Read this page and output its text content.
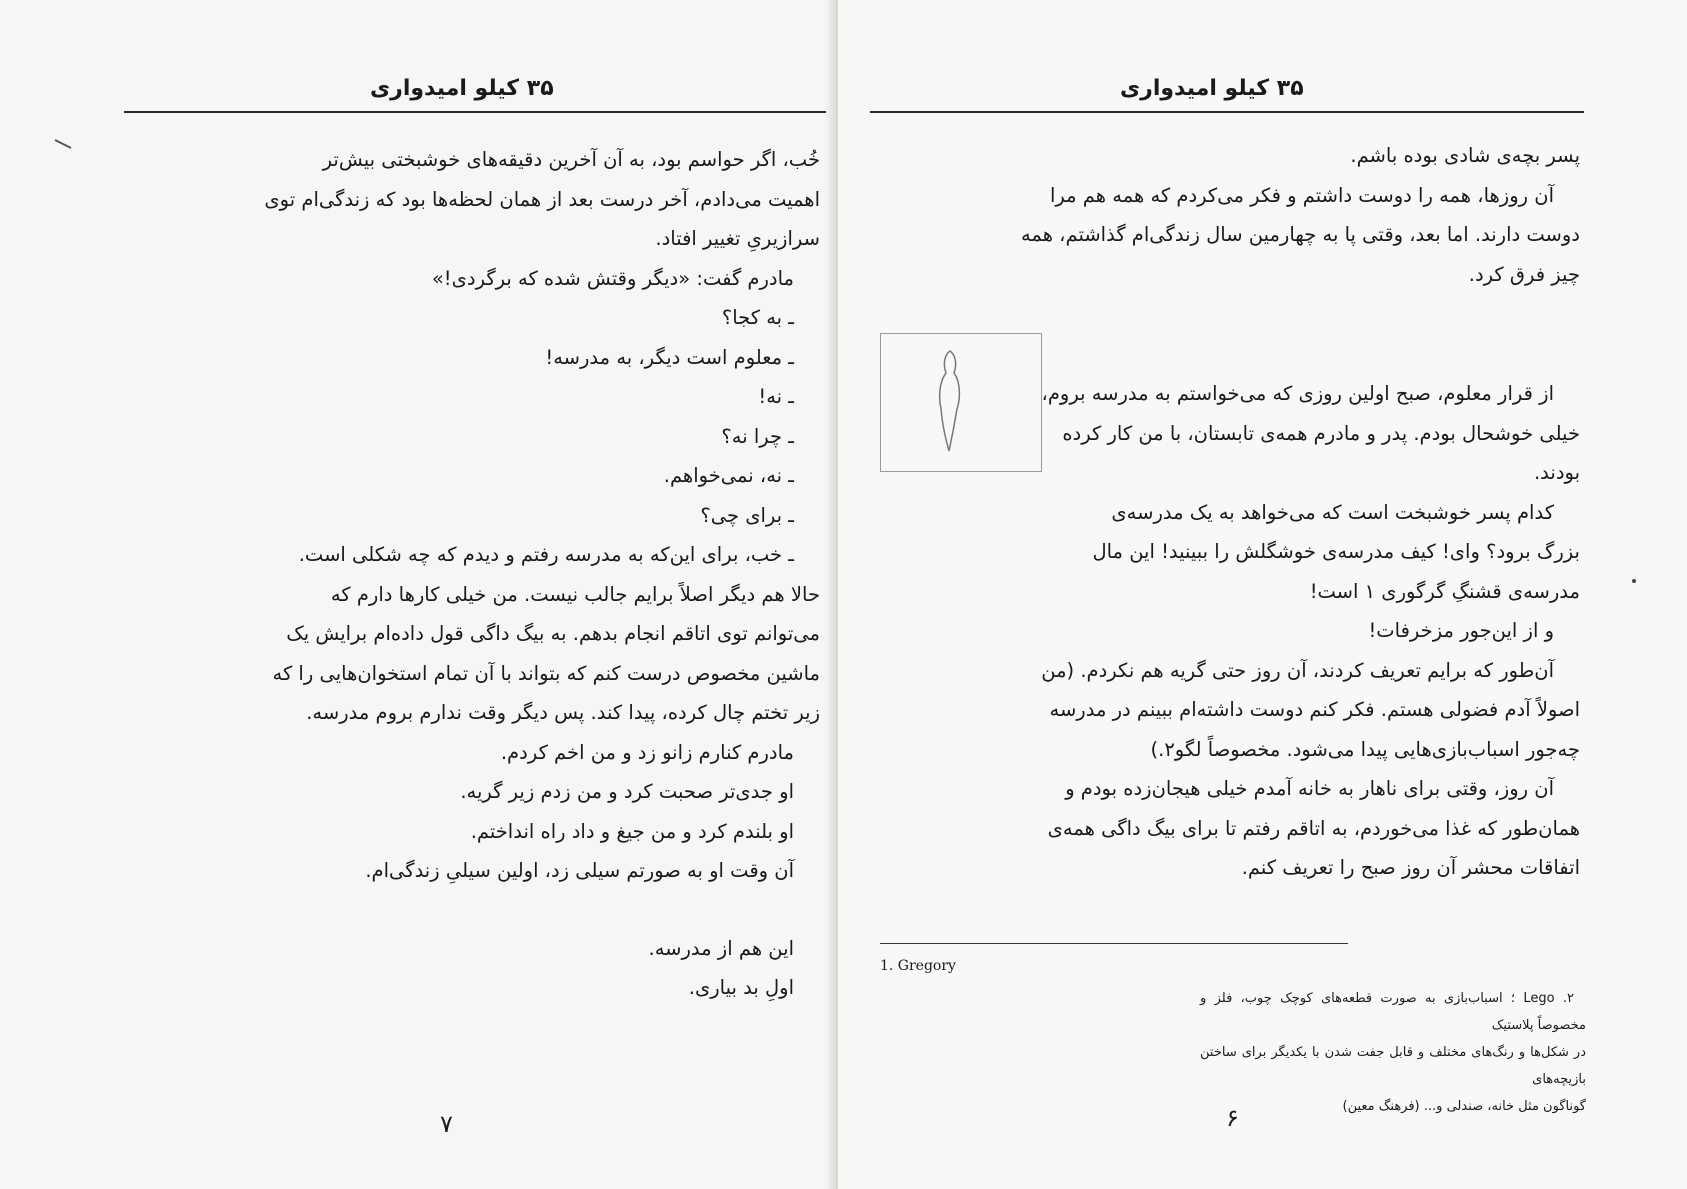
۳۵ کیلو امیدواری

خُب، اگر حواسم بود، به آن آخرین دقیقه‌های خوشبختی بیش‌تر

اهمیت می‌دادم، آخر درست بعد از همان لحظه‌ها بود که زندگی‌ام توی

سرازیریِ تغییر افتاد.

مادرم گفت: «دیگر وقتش شده که برگردی!»

ـ به کجا؟

ـ معلوم است دیگر، به مدرسه!

ـ نه!

ـ چرا نه؟

ـ نه، نمی‌خواهم.

ـ برای چی؟

ـ خب، برای این‌که به مدرسه رفتم و دیدم که چه شکلی است.

حالا هم دیگر اصلاً برایم جالب نیست. من خیلی کارها دارم که

می‌توانم توی اتاقم انجام بدهم. به بیگ داگی قول داده‌ام برایش یک

ماشین مخصوص درست کنم که بتواند با آن تمام استخوان‌هایی را که

زیر تختم چال کرده، پیدا کند. پس دیگر وقت ندارم بروم مدرسه.

مادرم کنارم زانو زد و من اخم کردم.

او جدی‌تر صحبت کرد و من زدم زیر گریه.

او بلندم کرد و من جیغ و داد راه انداختم.

آن وقت او به صورتم سیلی زد، اولین سیلیِ زندگی‌ام.

این هم از مدرسه.

اولِ بد بیاری.

۷
۳۵ کیلو امیدواری

پسر بچه‌ی شادی بوده باشم.

آن روزها، همه را دوست داشتم و فکر می‌کردم که همه هم مرا

دوست دارند. اما بعد، وقتی پا به چهارمین سال زندگی‌ام گذاشتم، همه

چیز فرق کرد.

از قرار معلوم، صبح اولین روزی که می‌خواستم به مدرسه بروم،

خیلی خوشحال بودم. پدر و مادرم همه‌ی تابستان، با من کار کرده

بودند.

کدام پسر خوشبخت است که می‌خواهد به یک مدرسه‌ی

بزرگ برود؟ وای! کیف مدرسه‌ی خوشگلش را ببینید! این مال

مدرسه‌ی قشنگِ گرگوری ۱ است!

و از این‌جور مزخرفات!

آن‌طور که برایم تعریف کردند، آن روز حتی گریه هم نکردم. (من

اصولاً آدم فضولی هستم. فکر کنم دوست داشته‌ام ببینم در مدرسه

چه‌جور اسباب‌بازی‌هایی پیدا می‌شود. مخصوصاً لگو۲.)

آن روز، وقتی برای ناهار به خانه آمدم خیلی هیجان‌زده بودم و

همان‌طور که غذا می‌خوردم، به اتاقم رفتم تا برای بیگ داگی همه‌ی

اتفاقات محشر آن روز صبح را تعریف کنم.

1. Gregory

۲. Lego ؛ اسباب‌بازی به صورت قطعه‌های کوچک چوب، فلز و مخصوصاً پلاستیک

در شکل‌ها و رنگ‌های مختلف و قابل جفت شدن با یکدیگر برای ساختن بازیچه‌های

گوناگون مثل خانه، صندلی و... (فرهنگ معین)

۶
